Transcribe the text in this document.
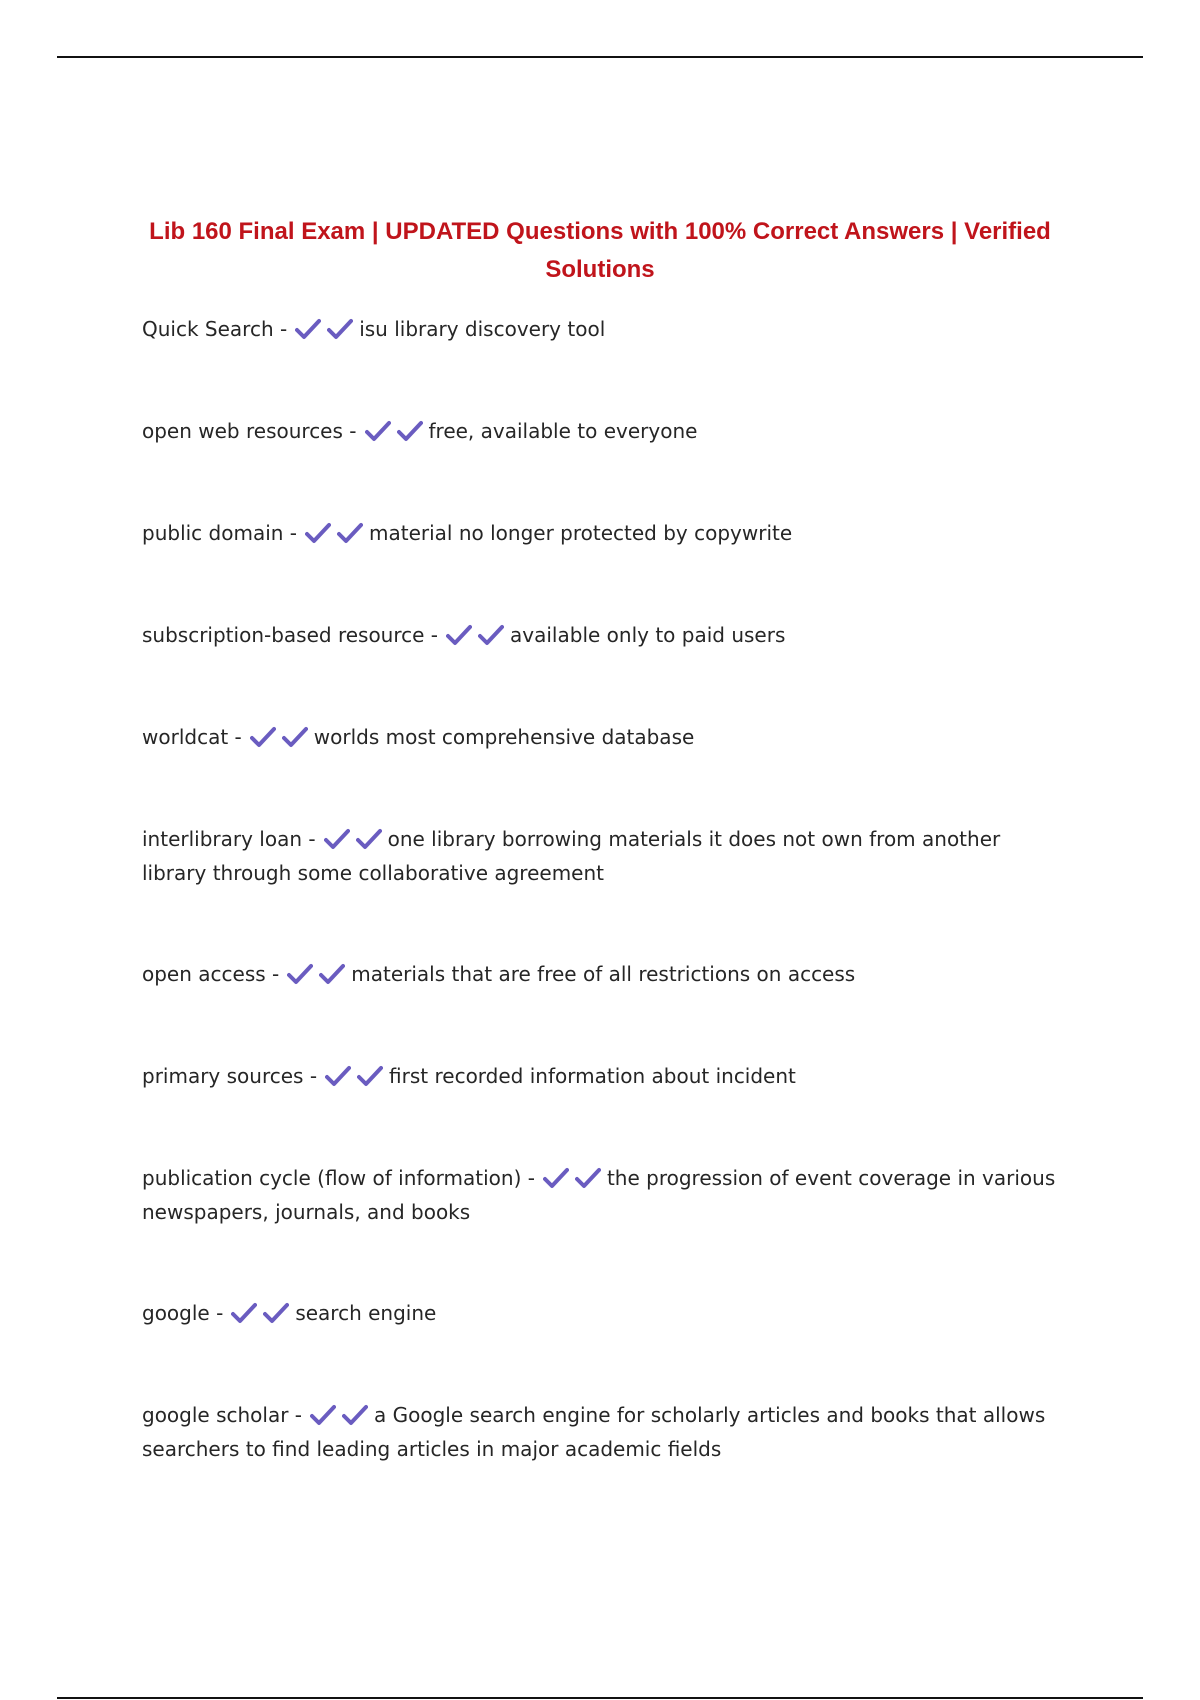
Lib 160 Final Exam | UPDATED Questions with 100% Correct Answers | Verified Solutions
Quick Search -	isu library discovery tool
open web resources -	free, available to everyone
public domain -	material no longer protected by copywrite
subscription-based resource -	available only to paid users
worldcat -	worlds most comprehensive database
interlibrary loan -	one library borrowing materials it does not own from another library through some collaborative agreement
open access -	materials that are free of all restrictions on access
primary sources -	first recorded information about incident
publication cycle (flow of information) -	the progression of event coverage in various newspapers, journals, and books
google -	search engine
google scholar -	a Google search engine for scholarly articles and books that allows searchers to find leading articles in major academic fields
